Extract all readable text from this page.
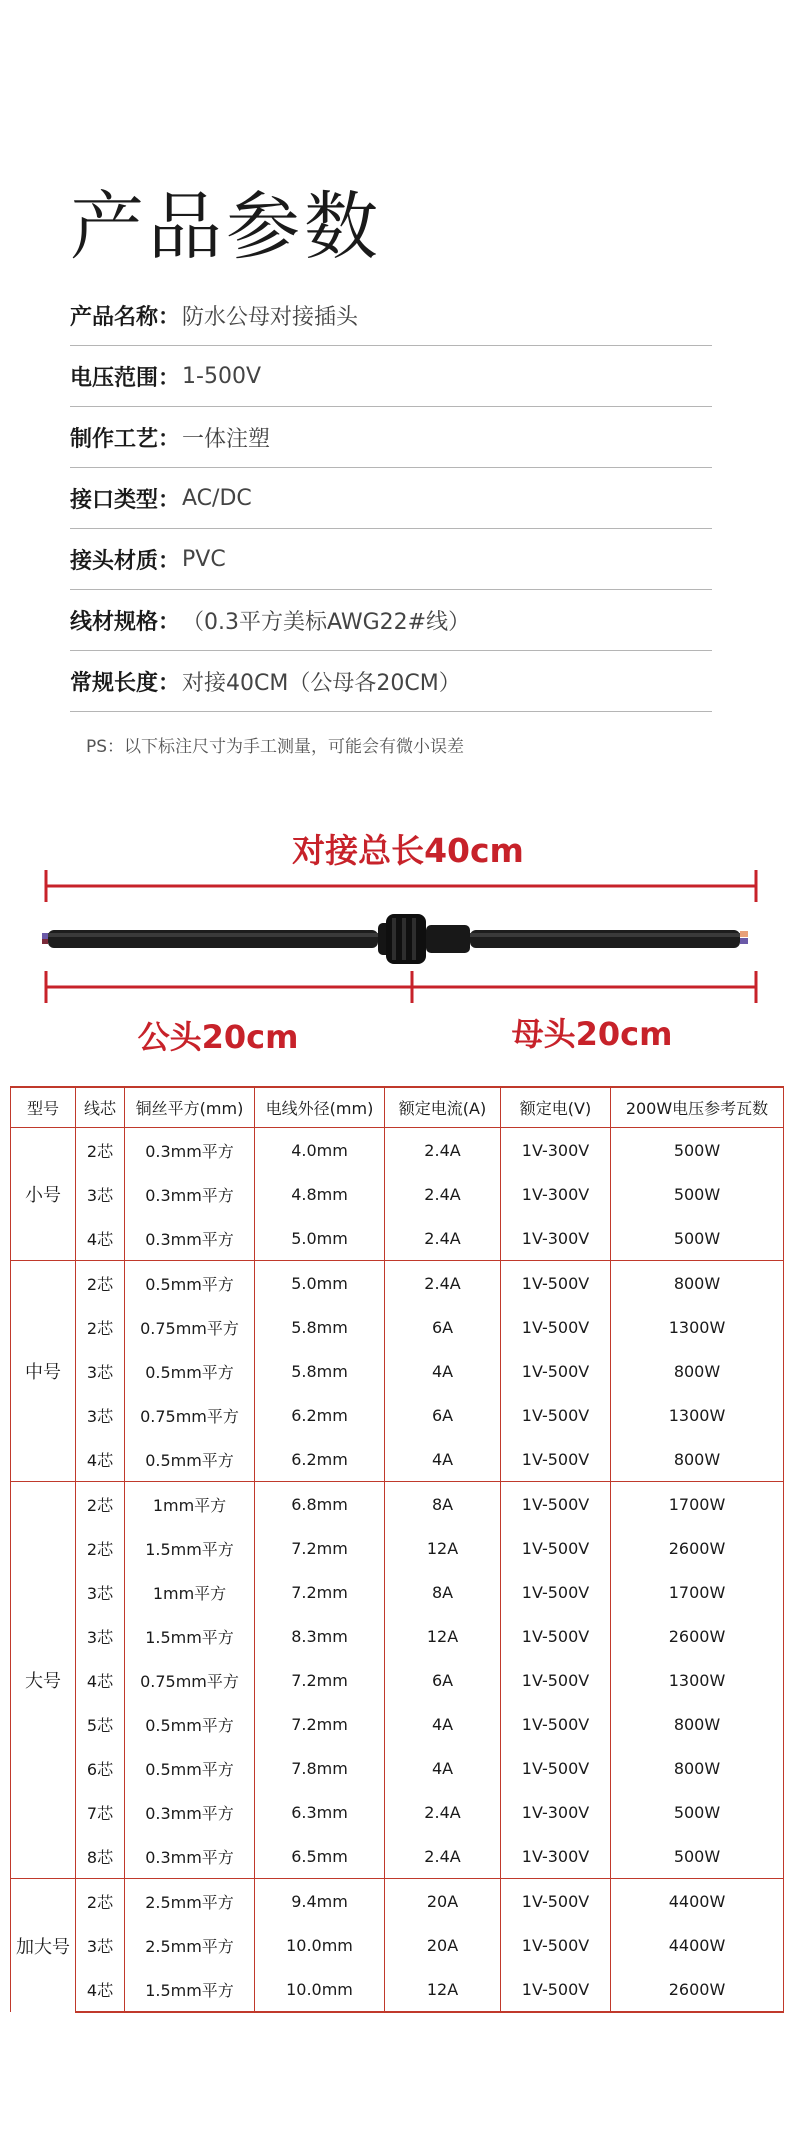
产品参数
产品名称： 防水公母对接插头
电压范围： 1-500V
制作工艺： 一体注塑
接口类型： AC/DC
接头材质： PVC
线材规格： （0.3平方美标AWG22#线）
常规长度： 对接40CM（公母各20CM）
PS：以下标注尺寸为手工测量，可能会有微小误差
对接总长40cm
公头20cm	母头20cm
型号	线芯	铜丝平方(mm)	电线外径(mm)	额定电流(A)	额定电(V)	200W电压参考瓦数
小号	2芯	0.3mm平方	4.0mm	2.4A	1V-300V	500W
	3芯	0.3mm平方	4.8mm	2.4A	1V-300V	500W
	4芯	0.3mm平方	5.0mm	2.4A	1V-300V	500W
中号	2芯	0.5mm平方	5.0mm	2.4A	1V-500V	800W
	2芯	0.75mm平方	5.8mm	6A	1V-500V	1300W
	3芯	0.5mm平方	5.8mm	4A	1V-500V	800W
	3芯	0.75mm平方	6.2mm	6A	1V-500V	1300W
	4芯	0.5mm平方	6.2mm	4A	1V-500V	800W
大号	2芯	1mm平方	6.8mm	8A	1V-500V	1700W
	2芯	1.5mm平方	7.2mm	12A	1V-500V	2600W
	3芯	1mm平方	7.2mm	8A	1V-500V	1700W
	3芯	1.5mm平方	8.3mm	12A	1V-500V	2600W
	4芯	0.75mm平方	7.2mm	6A	1V-500V	1300W
	5芯	0.5mm平方	7.2mm	4A	1V-500V	800W
	6芯	0.5mm平方	7.8mm	4A	1V-500V	800W
	7芯	0.3mm平方	6.3mm	2.4A	1V-300V	500W
	8芯	0.3mm平方	6.5mm	2.4A	1V-300V	500W
加大号	2芯	2.5mm平方	9.4mm	20A	1V-500V	4400W
	3芯	2.5mm平方	10.0mm	20A	1V-500V	4400W
	4芯	1.5mm平方	10.0mm	12A	1V-500V	2600W
